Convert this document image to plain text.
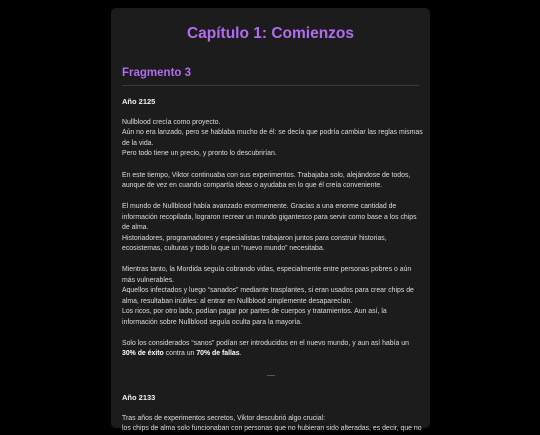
Capítulo 1: Comienzos
Fragmento 3
Año 2125

Nullblood crecía como proyecto.
Aún no era lanzado, pero se hablaba mucho de él: se decía que podría cambiar las reglas mismas
de la vida.
Pero todo tiene un precio, y pronto lo descubrirían.

En este tiempo, Viktor continuaba con sus experimentos. Trabajaba solo, alejándose de todos,
aunque de vez en cuando compartía ideas o ayudaba en lo que él creía conveniente.

El mundo de Nullblood había avanzado enormemente. Gracias a una enorme cantidad de
información recopilada, lograron recrear un mundo gigantesco para servir como base a los chips
de alma.
Historiadores, programadores y especialistas trabajaron juntos para construir historias,
ecosistemas, culturas y todo lo que un “nuevo mundo” necesitaba.

Mientras tanto, la Mordida seguía cobrando vidas, especialmente entre personas pobres o aún
más vulnerables.
Aquellos infectados y luego “sanados” mediante trasplantes, si eran usados para crear chips de
alma, resultaban inútiles: al entrar en Nullblood simplemente desaparecían.
Los ricos, por otro lado, podían pagar por partes de cuerpos y tratamientos. Aun así, la
información sobre Nullblood seguía oculta para la mayoría.

Solo los considerados “sanos” podían ser introducidos en el nuevo mundo, y aun así había un
30% de éxito contra un 70% de fallas.

Año 2133

Tras años de experimentos secretos, Viktor descubrió algo crucial:
los chips de alma solo funcionaban con personas que no hubieran sido alteradas, es decir, que no
